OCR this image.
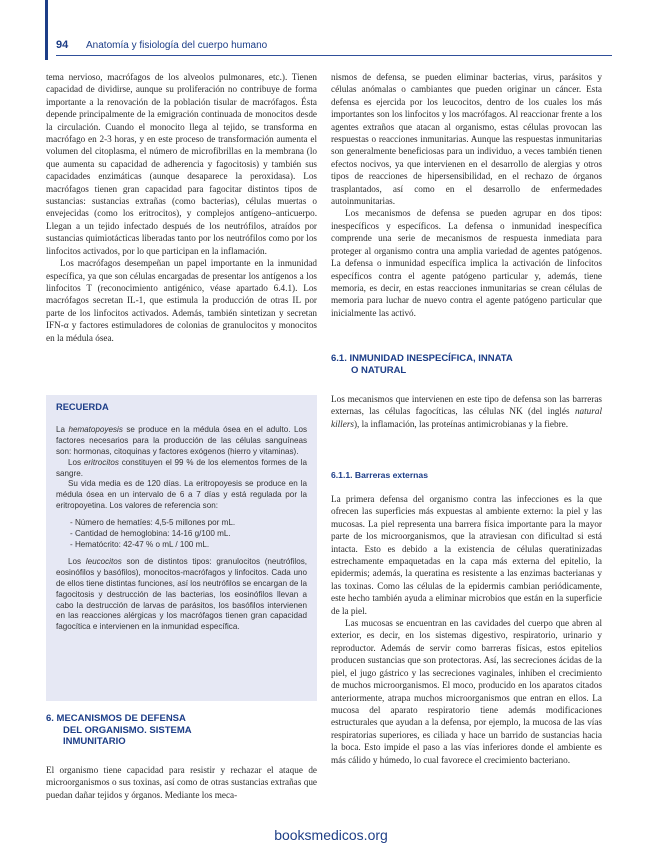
94 Anatomía y fisiología del cuerpo humano

tema nervioso, macrófagos de los alveolos pulmonares, etc.). Tienen capacidad de dividirse, aunque su proliferación no contribuye de forma importante a la renovación de la población tisular de macrófagos. Ésta depende principalmente de la emigración continuada de monocitos desde la circulación. Cuando el monocito llega al tejido, se transforma en macrófago en 2-3 horas, y en este proceso de transformación aumenta el volumen del citoplasma, el número de microfibrillas en la membrana (lo que aumenta su capacidad de adherencia y fagocitosis) y también sus capacidades enzimáticas (aunque desaparece la peroxidasa). Los macrófagos tienen gran capacidad para fagocitar distintos tipos de sustancias: sustancias extrañas (como bacterias), células muertas o envejecidas (como los eritrocitos), y complejos antígeno–anticuerpo. Llegan a un tejido infectado después de los neutrófilos, atraídos por sustancias quimiotácticas liberadas tanto por los neutrófilos como por los linfocitos activados, por lo que participan en la inflamación.

Los macrófagos desempeñan un papel importante en la inmunidad específica, ya que son células encargadas de presentar los antígenos a los linfocitos T (reconocimiento antigénico, véase apartado 6.4.1). Los macrófagos secretan IL-1, que estimula la producción de otras IL por parte de los linfocitos activados. Además, también sintetizan y secretan IFN-α y factores estimuladores de colonias de granulocitos y monocitos en la médula ósea.

RECUERDA

La hematopoyesis se produce en la médula ósea en el adulto. Los factores necesarios para la producción de las células sanguíneas son: hormonas, citoquinas y factores exógenos (hierro y vitaminas).

Los eritrocitos constituyen el 99 % de los elementos formes de la sangre.

Su vida media es de 120 días. La eritropoyesis se produce en la médula ósea en un intervalo de 6 a 7 días y está regulada por la eritropoyetina. Los valores de referencia son:

- Número de hematíes: 4,5-5 millones por mL.
- Cantidad de hemoglobina: 14-16 g/100 mL.
- Hematócrito: 42-47 % o mL / 100 mL.

Los leucocitos son de distintos tipos: granulocitos (neutrófilos, eosinófilos y basófilos), monocitos-macrófagos y linfocitos. Cada uno de ellos tiene distintas funciones, así los neutrófilos se encargan de la fagocitosis y destrucción de las bacterias, los eosinófilos llevan a cabo la destrucción de larvas de parásitos, los basófilos intervienen en las reacciones alérgicas y los macrófagos tienen gran capacidad fagocítica e intervienen en la inmunidad específica.

6. MECANISMOS DE DEFENSA

DEL ORGANISMO. SISTEMA
INMUNITARIO

El organismo tiene capacidad para resistir y rechazar el ataque de microorganismos o sus toxinas, así como de otras sustancias extrañas que puedan dañar tejidos y órganos. Mediante los meca-

nismos de defensa, se pueden eliminar bacterias, virus, parásitos y células anómalas o cambiantes que pueden originar un cáncer. Esta defensa es ejercida por los leucocitos, dentro de los cuales los más importantes son los linfocitos y los macrófagos. Al reaccionar frente a los agentes extraños que atacan al organismo, estas células provocan las respuestas o reacciones inmunitarias. Aunque las respuestas inmunitarias son generalmente beneficiosas para un individuo, a veces también tienen efectos nocivos, ya que intervienen en el desarrollo de alergias y otros tipos de reacciones de hipersensibilidad, en el rechazo de órganos trasplantados, así como en el desarrollo de enfermedades autoinmunitarias.

Los mecanismos de defensa se pueden agrupar en dos tipos: inespecíficos y específicos. La defensa o inmunidad inespecífica comprende una serie de mecanismos de respuesta inmediata para proteger al organismo contra una amplia variedad de agentes patógenos. La defensa o inmunidad específica implica la activación de linfocitos específicos contra el agente patógeno particular y, además, tiene memoria, es decir, en estas reacciones inmunitarias se crean células de memoria para luchar de nuevo contra el agente patógeno particular que inicialmente las activó.

6.1. INMUNIDAD INESPECÍFICA, INNATA
O NATURAL

Los mecanismos que intervienen en este tipo de defensa son las barreras externas, las células fagocíticas, las células NK (del inglés natural killers), la inflamación, las proteínas antimicrobianas y la fiebre.

6.1.1. Barreras externas

La primera defensa del organismo contra las infecciones es la que ofrecen las superficies más expuestas al ambiente externo: la piel y las mucosas. La piel representa una barrera física importante para la mayor parte de los microorganismos, que la atraviesan con dificultad si está intacta. Esto es debido a la existencia de células queratinizadas estrechamente empaquetadas en la capa más externa del epitelio, la epidermis; además, la queratina es resistente a las enzimas bacterianas y las toxinas. Como las células de la epidermis cambian periódicamente, este hecho también ayuda a eliminar microbios que están en la superficie de la piel.

Las mucosas se encuentran en las cavidades del cuerpo que abren al exterior, es decir, en los sistemas digestivo, respiratorio, urinario y reproductor. Además de servir como barreras físicas, estos epitelios producen sustancias que son protectoras. Así, las secreciones ácidas de la piel, el jugo gástrico y las secreciones vaginales, inhiben el crecimiento de muchos microorganismos. El moco, producido en los aparatos citados anteriormente, atrapa muchos microorganismos que entran en ellos. La mucosa del aparato respiratorio tiene además modificaciones estructurales que ayudan a la defensa, por ejemplo, la mucosa de las vías respiratorias superiores, es ciliada y hace un barrido de sustancias hacia la boca. Esto impide el paso a las vías inferiores donde el ambiente es más cálido y húmedo, lo cual favorece el crecimiento bacteriano.

booksmedicos.org
